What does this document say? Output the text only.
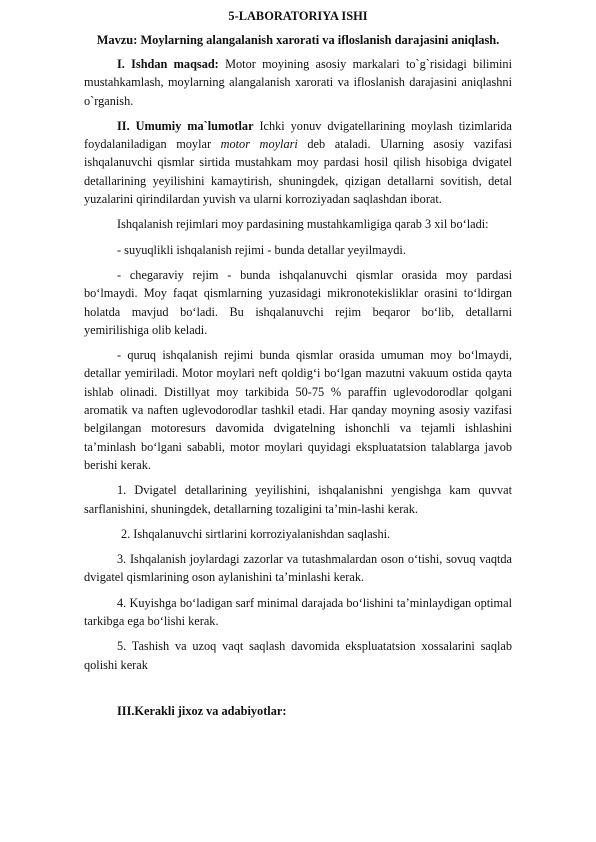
5-LABORATORIYA ISHI
Mavzu: Moylarning alangalanish xarorati va ifloslanish darajasini aniqlash.

I. Ishdan maqsad: Motor moyining asosiy markalari to`g`risidagi bilimini mustahkamlash, moylarning alangalanish xarorati va ifloslanish darajasini aniqlashni o`rganish.

II. Umumiy ma`lumotlar Ichki yonuv dvigatellarining moylash tizimlarida foydalaniladigan moylar motor moylari deb ataladi. Ularning asosiy vazifasi ishqalanuvchi qismlar sirtida mustahkam moy pardasi hosil qilish hisobiga dvigatel detallarining yeyilishini kamaytirish, shuningdek, qizigan detallarni sovitish, detal yuzalarini qirindilardan yuvish va ularni korroziyadan saqlashdan iborat.

Ishqalanish rejimlari moy pardasining mustahkamligiga qarab 3 xil bo‘ladi:

- suyuqlikli ishqalanish rejimi - bunda detallar yeyilmaydi.

- chegaraviy rejim - bunda ishqalanuvchi qismlar orasida moy pardasi bo‘lmaydi. Moy faqat qismlarning yuzasidagi mikronotekisliklar orasini to‘ldirgan holatda mavjud bo‘ladi. Bu ishqalanuvchi rejim beqaror bo‘lib, detallarni yemirilishiga olib keladi.

- quruq ishqalanish rejimi bunda qismlar orasida umuman moy bo‘lmaydi, detallar yemiriladi. Motor moylari neft qoldig‘i bo‘lgan mazutni vakuum ostida qayta ishlab olinadi. Distillyat moy tarkibida 50-75 % paraffin uglevodorodlar qolgani aromatik va naften uglevodorodlar tashkil etadi. Har qanday moyning asosiy vazifasi belgilangan motoresurs davomida dvigatelning ishonchli va tejamli ishlashini ta’minlash bo‘lgani sababli, motor moylari quyidagi ekspluatatsion talablarga javob berishi kerak.

1. Dvigatel detallarining yeyilishini, ishqalanishni yengishga kam quvvat sarflanishini, shuningdek, detallarning tozaligini ta’min-lashi kerak.

2. Ishqalanuvchi sirtlarini korroziyalanishdan saqlashi.

3. Ishqalanish joylardagi zazorlar va tutashmalardan oson o‘tishi, sovuq vaqtda dvigatel qismlarining oson aylanishini ta’minlashi kerak.

4. Kuyishga bo‘ladigan sarf minimal darajada bo‘lishini ta’minlaydigan optimal tarkibga ega bo‘lishi kerak.

5. Tashish va uzoq vaqt saqlash davomida ekspluatatsion xossalarini saqlab qolishi kerak

III.Kerakli jixoz va adabiyotlar:
